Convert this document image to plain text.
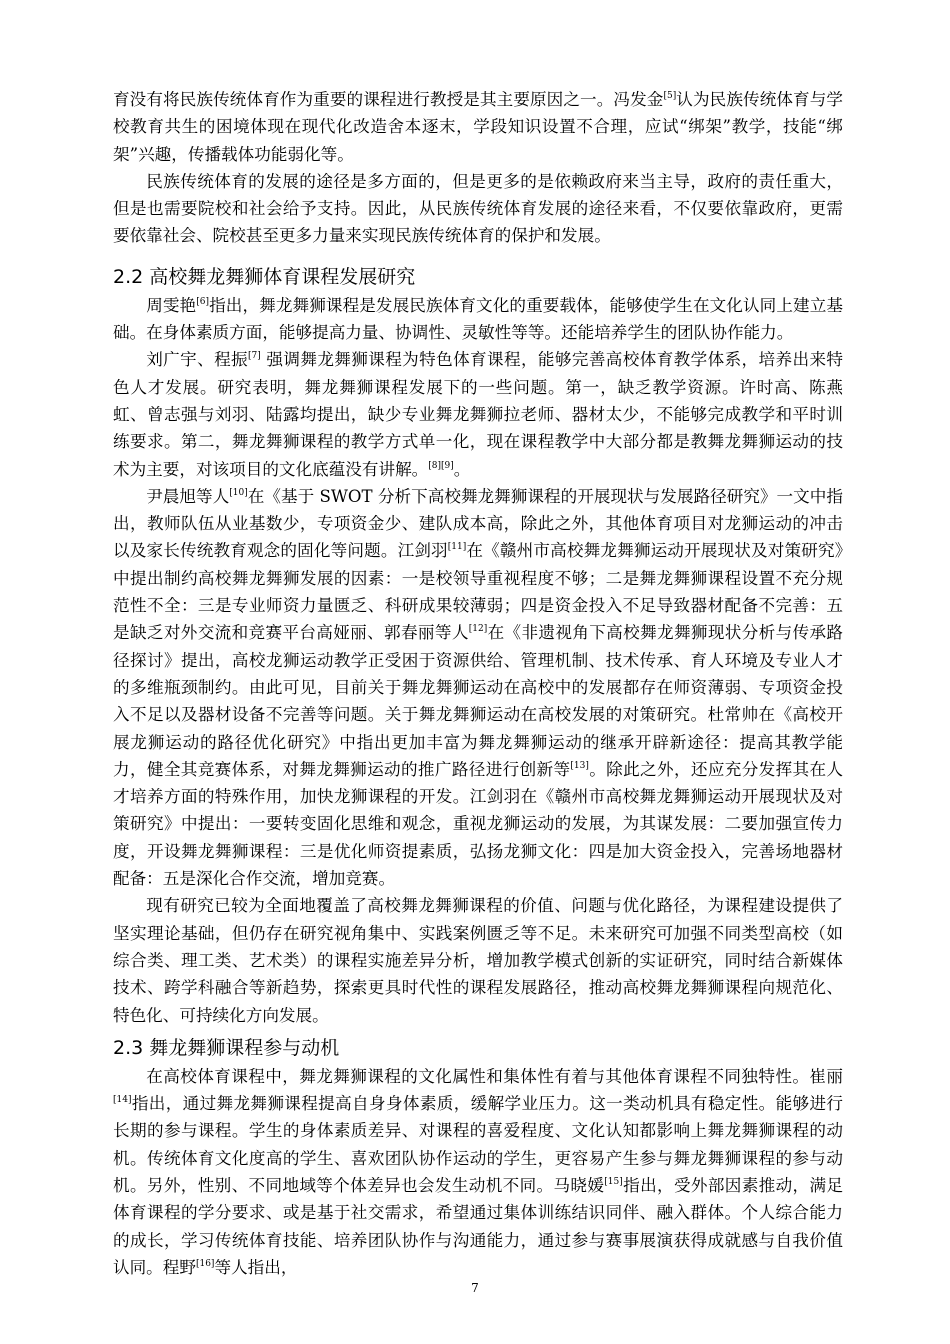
育没有将民族传统体育作为重要的课程进行教授是其主要原因之一。冯发金[5]认为民族传统体育与学校教育共生的困境体现在现代化改造舍本逐末，学段知识设置不合理，应试“绑架”教学，技能“绑架”兴趣，传播载体功能弱化等。

民族传统体育的发展的途径是多方面的，但是更多的是依赖政府来当主导，政府的责任重大，但是也需要院校和社会给予支持。因此，从民族传统体育发展的途径来看，不仅要依靠政府，更需要依靠社会、院校甚至更多力量来实现民族传统体育的保护和发展。

2.2 高校舞龙舞狮体育课程发展研究

周雯艳[6]指出，舞龙舞狮课程是发展民族体育文化的重要载体，能够使学生在文化认同上建立基础。在身体素质方面，能够提高力量、协调性、灵敏性等等。还能培养学生的团队协作能力。

刘广宇、程振[7] 强调舞龙舞狮课程为特色体育课程，能够完善高校体育教学体系，培养出来特色人才发展。研究表明，舞龙舞狮课程发展下的一些问题。第一，缺乏教学资源。许时高、陈燕虹、曾志强与刘羽、陆露均提出，缺少专业舞龙舞狮拉老师、器材太少，不能够完成教学和平时训练要求。第二，舞龙舞狮课程的教学方式单一化，现在课程教学中大部分都是教舞龙舞狮运动的技术为主要，对该项目的文化底蕴没有讲解。[8][9]。

尹晨旭等人[10]在《基于 SWOT 分析下高校舞龙舞狮课程的开展现状与发展路径研究》一文中指出，教师队伍从业基数少，专项资金少、建队成本高，除此之外，其他体育项目对龙狮运动的冲击以及家长传统教育观念的固化等问题。江剑羽[11]在《赣州市高校舞龙舞狮运动开展现状及对策研究》中提出制约高校舞龙舞狮发展的因素：一是校领导重视程度不够；二是舞龙舞狮课程设置不充分规范性不全：三是专业师资力量匮乏、科研成果较薄弱；四是资金投入不足导致器材配备不完善：五是缺乏对外交流和竞赛平台高娅丽、郭春丽等人[12]在《非遗视角下高校舞龙舞狮现状分析与传承路径探讨》提出，高校龙狮运动教学正受困于资源供给、管理机制、技术传承、育人环境及专业人才的多维瓶颈制约。由此可见，目前关于舞龙舞狮运动在高校中的发展都存在师资薄弱、专项资金投入不足以及器材设备不完善等问题。关于舞龙舞狮运动在高校发展的对策研究。杜常帅在《高校开展龙狮运动的路径优化研究》中指出更加丰富为舞龙舞狮运动的继承开辟新途径：提高其教学能力，健全其竞赛体系，对舞龙舞狮运动的推广路径进行创新等[13]。除此之外，还应充分发挥其在人才培养方面的特殊作用，加快龙狮课程的开发。江剑羽在《赣州市高校舞龙舞狮运动开展现状及对策研究》中提出：一要转变固化思维和观念，重视龙狮运动的发展，为其谋发展：二要加强宣传力度，开设舞龙舞狮课程：三是优化师资提素质，弘扬龙狮文化：四是加大资金投入，完善场地器材配备：五是深化合作交流，增加竞赛。

现有研究已较为全面地覆盖了高校舞龙舞狮课程的价值、问题与优化路径，为课程建设提供了坚实理论基础，但仍存在研究视角集中、实践案例匮乏等不足。未来研究可加强不同类型高校（如综合类、理工类、艺术类）的课程实施差异分析，增加教学模式创新的实证研究，同时结合新媒体技术、跨学科融合等新趋势，探索更具时代性的课程发展路径，推动高校舞龙舞狮课程向规范化、特色化、可持续化方向发展。

2.3 舞龙舞狮课程参与动机

在高校体育课程中，舞龙舞狮课程的文化属性和集体性有着与其他体育课程不同独特性。崔丽[14]指出，通过舞龙舞狮课程提高自身身体素质，缓解学业压力。这一类动机具有稳定性。能够进行长期的参与课程。学生的身体素质差异、对课程的喜爱程度、文化认知都影响上舞龙舞狮课程的动机。传统体育文化度高的学生、喜欢团队协作运动的学生，更容易产生参与舞龙舞狮课程的参与动机。另外，性别、不同地域等个体差异也会发生动机不同。马晓媛[15]指出，受外部因素推动，满足体育课程的学分要求、或是基于社交需求，希望通过集体训练结识同伴、融入群体。个人综合能力的成长，学习传统体育技能、培养团队协作与沟通能力，通过参与赛事展演获得成就感与自我价值认同。程野[16]等人指出，

7
